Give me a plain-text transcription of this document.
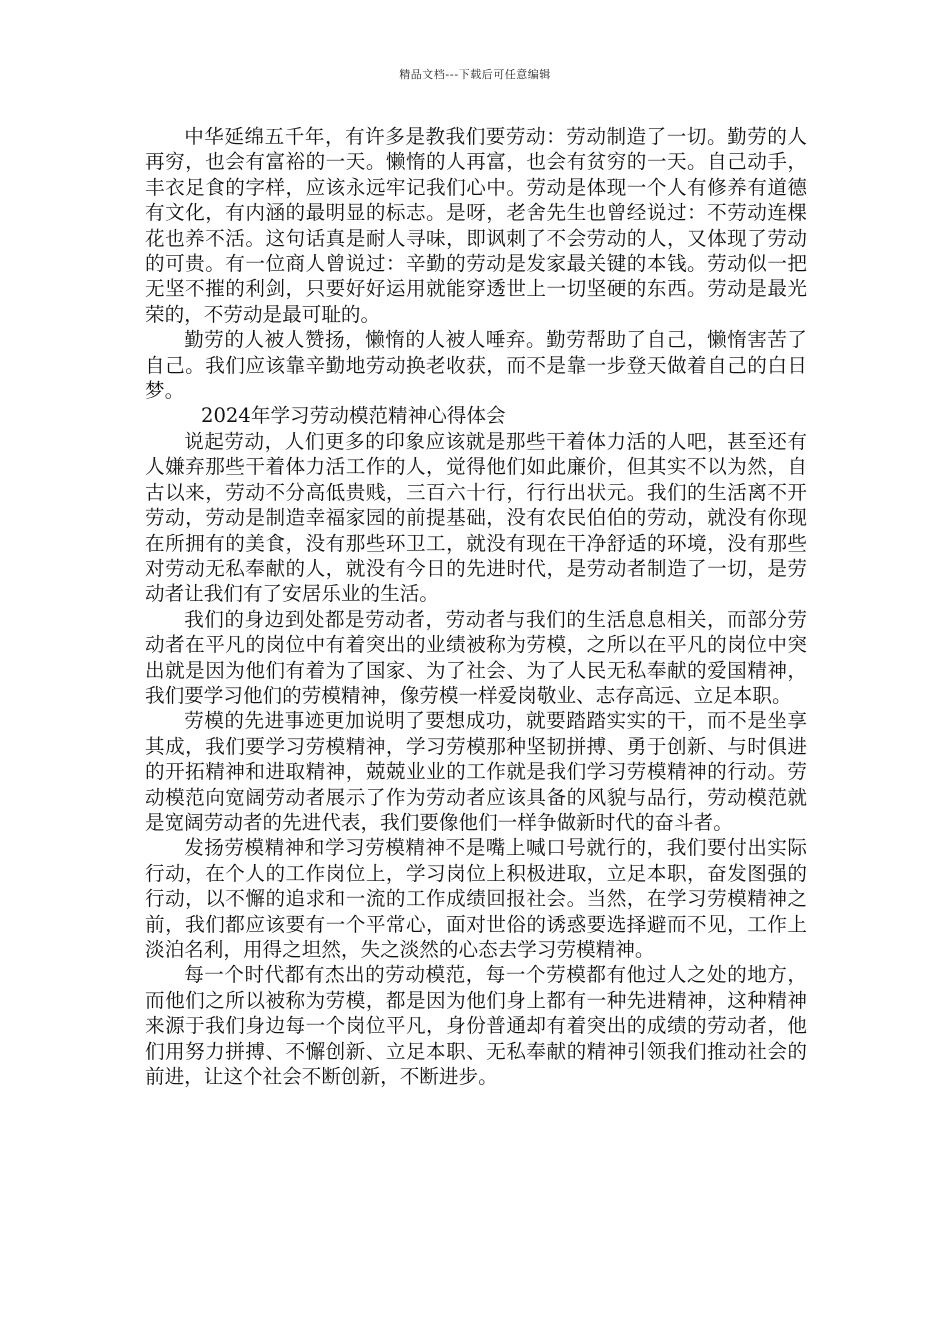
精品文档---下载后可任意编辑

中华延绵五千年，有许多是教我们要劳动：劳动制造了一切。勤劳的人再穷，也会有富裕的一天。懒惰的人再富，也会有贫穷的一天。自己动手，丰衣足食的字样，应该永远牢记我们心中。劳动是体现一个人有修养有道德有文化，有内涵的最明显的标志。是呀，老舍先生也曾经说过：不劳动连棵花也养不活。这句话真是耐人寻味，即讽刺了不会劳动的人，又体现了劳动的可贵。有一位商人曾说过：辛勤的劳动是发家最关键的本钱。劳动似一把无坚不摧的利剑，只要好好运用就能穿透世上一切坚硬的东西。劳动是最光荣的，不劳动是最可耻的。

勤劳的人被人赞扬，懒惰的人被人唾弃。勤劳帮助了自己，懒惰害苦了自己。我们应该靠辛勤地劳动换老收获，而不是靠一步登天做着自己的白日梦。

2024年学习劳动模范精神心得体会

说起劳动，人们更多的印象应该就是那些干着体力活的人吧，甚至还有人嫌弃那些干着体力活工作的人，觉得他们如此廉价，但其实不以为然，自古以来，劳动不分高低贵贱，三百六十行，行行出状元。我们的生活离不开劳动，劳动是制造幸福家园的前提基础，没有农民伯伯的劳动，就没有你现在所拥有的美食，没有那些环卫工，就没有现在干净舒适的环境，没有那些对劳动无私奉献的人，就没有今日的先进时代，是劳动者制造了一切，是劳动者让我们有了安居乐业的生活。

我们的身边到处都是劳动者，劳动者与我们的生活息息相关，而部分劳动者在平凡的岗位中有着突出的业绩被称为劳模，之所以在平凡的岗位中突出就是因为他们有着为了国家、为了社会、为了人民无私奉献的爱国精神，我们要学习他们的劳模精神，像劳模一样爱岗敬业、志存高远、立足本职。

劳模的先进事迹更加说明了要想成功，就要踏踏实实的干，而不是坐享其成，我们要学习劳模精神，学习劳模那种坚韧拼搏、勇于创新、与时俱进的开拓精神和进取精神，兢兢业业的工作就是我们学习劳模精神的行动。劳动模范向宽阔劳动者展示了作为劳动者应该具备的风貌与品行，劳动模范就是宽阔劳动者的先进代表，我们要像他们一样争做新时代的奋斗者。

发扬劳模精神和学习劳模精神不是嘴上喊口号就行的，我们要付出实际行动，在个人的工作岗位上，学习岗位上积极进取，立足本职，奋发图强的行动，以不懈的追求和一流的工作成绩回报社会。当然，在学习劳模精神之前，我们都应该要有一个平常心，面对世俗的诱惑要选择避而不见，工作上淡泊名利，用得之坦然，失之淡然的心态去学习劳模精神。

每一个时代都有杰出的劳动模范，每一个劳模都有他过人之处的地方，而他们之所以被称为劳模，都是因为他们身上都有一种先进精神，这种精神来源于我们身边每一个岗位平凡，身份普通却有着突出的成绩的劳动者，他们用努力拼搏、不懈创新、立足本职、无私奉献的精神引领我们推动社会的前进，让这个社会不断创新，不断进步。
